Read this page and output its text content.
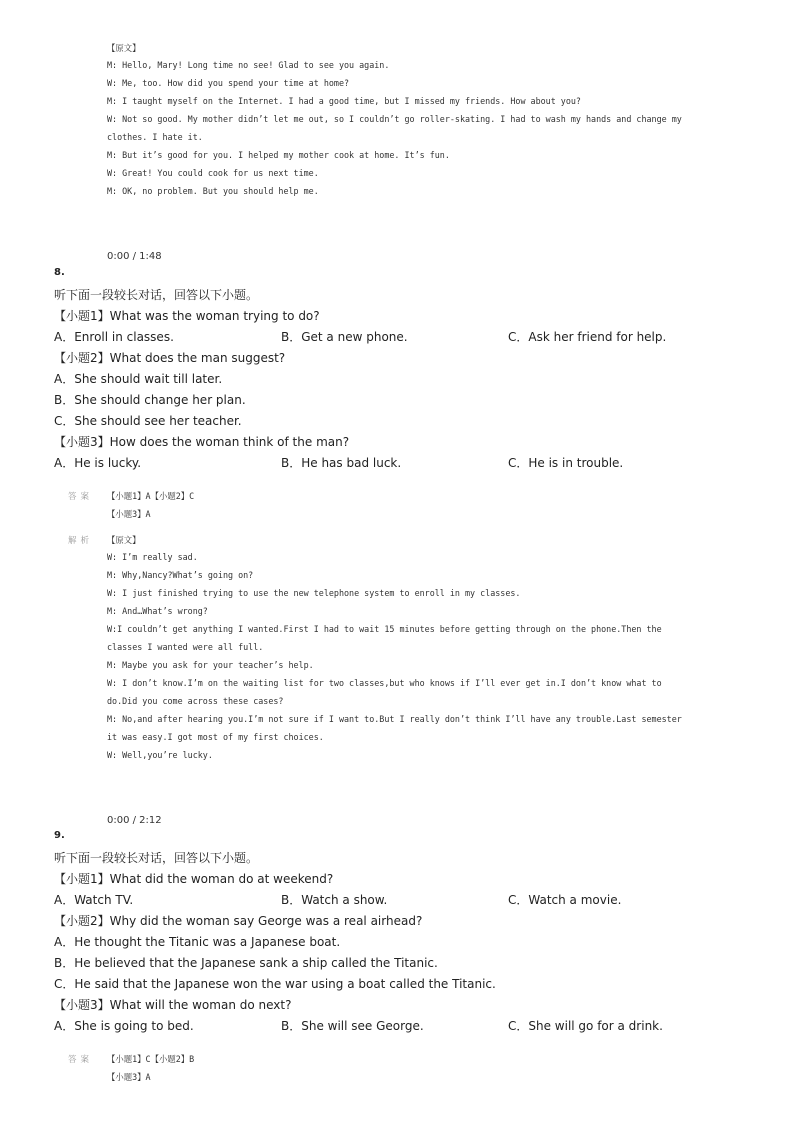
【原文】
M: Hello, Mary! Long time no see! Glad to see you again.
W: Me, too. How did you spend your time at home?
M: I taught myself on the Internet. I had a good time, but I missed my friends. How about you?
W: Not so good. My mother didn’t let me out, so I couldn’t go roller-skating. I had to wash my hands and change my
clothes. I hate it.
M: But it’s good for you. I helped my mother cook at home. It’s fun.
W: Great! You could cook for us next time.
M: OK, no problem. But you should help me.
0:00 / 1:48
8.
听下面一段较长对话，回答以下小题。
【小题1】What was the woman trying to do?
A．Enroll in classes.	B．Get a new phone.	C．Ask her friend for help.
【小题2】What does the man suggest?
A．She should wait till later.
B．She should change her plan.
C．She should see her teacher.
【小题3】How does the woman think of the man?
A．He is lucky.	B．He has bad luck.	C．He is in trouble.
答案 【小题1】A【小题2】C
【小题3】A
解析 【原文】
W: I’m really sad.
M: Why,Nancy?What’s going on?
W: I just finished trying to use the new telephone system to enroll in my classes.
M: And…What’s wrong?
W:I couldn’t get anything I wanted.First I had to wait 15 minutes before getting through on the phone.Then the
classes I wanted were all full.
M: Maybe you ask for your teacher’s help.
W: I don’t know.I’m on the waiting list for two classes,but who knows if I’ll ever get in.I don’t know what to
do.Did you come across these cases?
M: No,and after hearing you.I’m not sure if I want to.But I really don’t think I’ll have any trouble.Last semester
it was easy.I got most of my first choices.
W: Well,you’re lucky.
0:00 / 2:12
9.
听下面一段较长对话，回答以下小题。
【小题1】What did the woman do at weekend?
A．Watch TV.	B．Watch a show.	C．Watch a movie.
【小题2】Why did the woman say George was a real airhead?
A．He thought the Titanic was a Japanese boat.
B．He believed that the Japanese sank a ship called the Titanic.
C．He said that the Japanese won the war using a boat called the Titanic.
【小题3】What will the woman do next?
A．She is going to bed.	B．She will see George.	C．She will go for a drink.
答案 【小题1】C【小题2】B
【小题3】A
